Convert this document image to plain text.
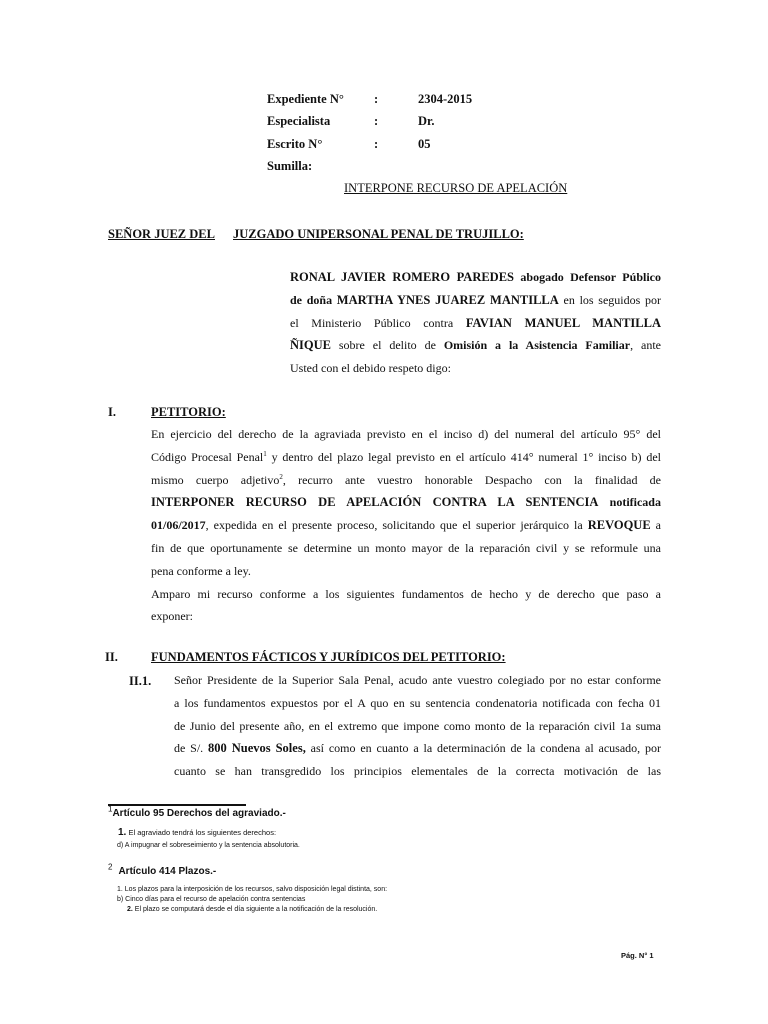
Expediente N° :	2304-2015
Especialista	:	Dr.
Escrito N°	:	05
Sumilla:
INTERPONE RECURSO DE APELACIÓN
SEÑOR JUEZ DEL JUZGADO UNIPERSONAL PENAL DE TRUJILLO:
RONAL JAVIER ROMERO PAREDES abogado Defensor Público
de doña MARTHA YNES JUAREZ MANTILLA en los seguidos por
el Ministerio Público contra FAVIAN MANUEL MANTILLA
ÑIQUE sobre el delito de Omisión a la Asistencia Familiar, ante
Usted con el debido respeto digo:
I.	PETITORIO:
En ejercicio del derecho de la agraviada previsto en el inciso d) del numeral del artículo 95° del
Código Procesal Penal$^1$ y dentro del plazo legal previsto en el artículo 414° numeral 1° inciso b) del
mismo cuerpo adjetivo$^2$, recurro ante vuestro honorable Despacho con la finalidad de
INTERPONER RECURSO DE APELACIÓN CONTRA LA SENTENCIA notificada
01/06/2017, expedida en el presente proceso, solicitando que el superior jerárquico la REVOQUE a
fin de que oportunamente se determine un monto mayor de la reparación civil y se reformule una
pena conforme a ley.
Amparo mi recurso conforme a los siguientes fundamentos de hecho y de derecho que paso a
exponer:
II.	FUNDAMENTOS FÁCTICOS Y JURÍDICOS DEL PETITORIO:
II.1. Señor Presidente de la Superior Sala Penal, acudo ante vuestro colegiado por no estar conforme
a los fundamentos expuestos por el A quo en su sentencia condenatoria notificada con fecha 01
de Junio del presente año, en el extremo que impone como monto de la reparación civil 1a suma
de S/. 800 Nuevos Soles, así como en cuanto a la determinación de la condena al acusado, por
cuanto se han transgredido los principios elementales de la correcta motivación de las
$^1$Artículo 95 Derechos del agraviado.-
1. El agraviado tendrá los siguientes derechos:
d) A impugnar el sobreseimiento y la sentencia absolutoria.
$^2$ Artículo 414 Plazos.-
1. Los plazos para la interposición de los recursos, salvo disposición legal distinta, son:
b) Cinco días para el recurso de apelación contra sentencias
2. El plazo se computará desde el día siguiente a la notificación de la resolución.
Pág. N° 1
